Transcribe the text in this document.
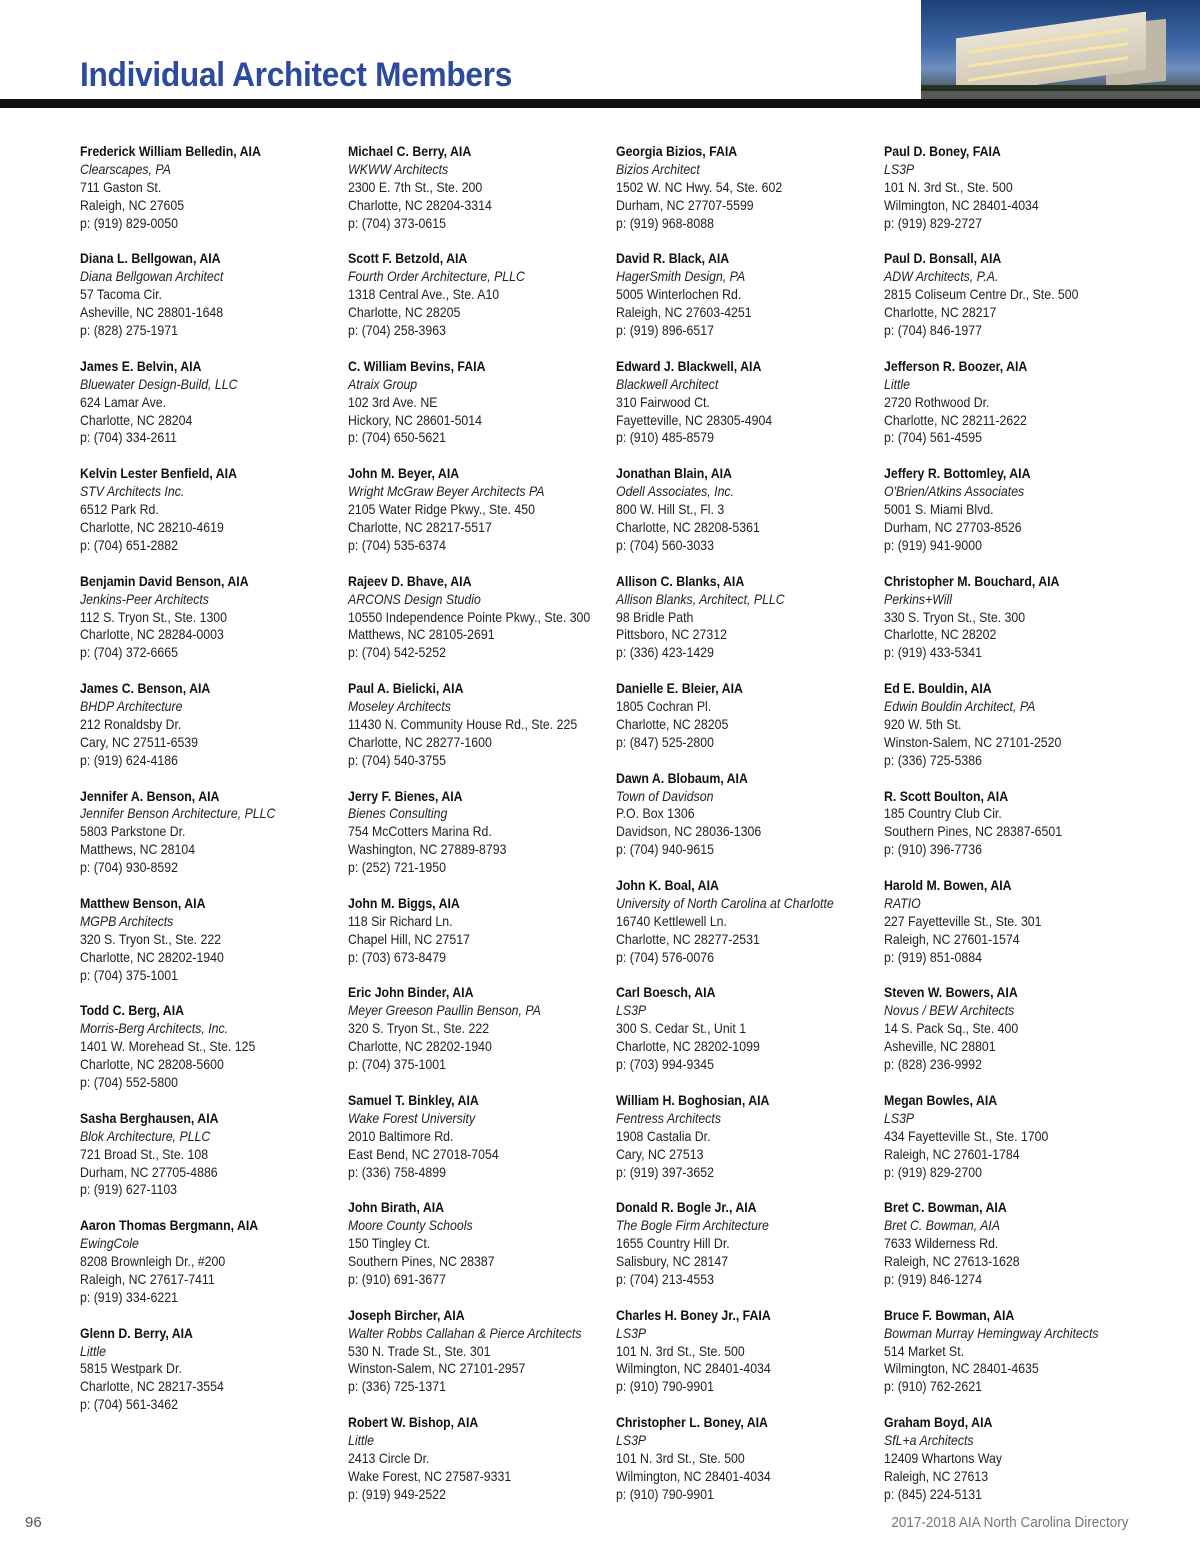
Individual Architect Members
Frederick William Belledin, AIA
Clearscapes, PA
711 Gaston St.
Raleigh, NC 27605
p: (919) 829-0050
Diana L. Bellgowan, AIA
Diana Bellgowan Architect
57 Tacoma Cir.
Asheville, NC 28801-1648
p: (828) 275-1971
James E. Belvin, AIA
Bluewater Design-Build, LLC
624 Lamar Ave.
Charlotte, NC 28204
p: (704) 334-2611
Kelvin Lester Benfield, AIA
STV Architects Inc.
6512 Park Rd.
Charlotte, NC 28210-4619
p: (704) 651-2882
Benjamin David Benson, AIA
Jenkins-Peer Architects
112 S. Tryon St., Ste. 1300
Charlotte, NC 28284-0003
p: (704) 372-6665
James C. Benson, AIA
BHDP Architecture
212 Ronaldsby Dr.
Cary, NC 27511-6539
p: (919) 624-4186
Jennifer A. Benson, AIA
Jennifer Benson Architecture, PLLC
5803 Parkstone Dr.
Matthews, NC 28104
p: (704) 930-8592
Matthew Benson, AIA
MGPB Architects
320 S. Tryon St., Ste. 222
Charlotte, NC 28202-1940
p: (704) 375-1001
Todd C. Berg, AIA
Morris-Berg Architects, Inc.
1401 W. Morehead St., Ste. 125
Charlotte, NC 28208-5600
p: (704) 552-5800
Sasha Berghausen, AIA
Blok Architecture, PLLC
721 Broad St., Ste. 108
Durham, NC 27705-4886
p: (919) 627-1103
Aaron Thomas Bergmann, AIA
EwingCole
8208 Brownleigh Dr., #200
Raleigh, NC 27617-7411
p: (919) 334-6221
Glenn D. Berry, AIA
Little
5815 Westpark Dr.
Charlotte, NC 28217-3554
p: (704) 561-3462
Michael C. Berry, AIA
WKWW Architects
2300 E. 7th St., Ste. 200
Charlotte, NC 28204-3314
p: (704) 373-0615
Scott F. Betzold, AIA
Fourth Order Architecture, PLLC
1318 Central Ave., Ste. A10
Charlotte, NC 28205
p: (704) 258-3963
C. William Bevins, FAIA
Atraix Group
102 3rd Ave. NE
Hickory, NC 28601-5014
p: (704) 650-5621
John M. Beyer, AIA
Wright McGraw Beyer Architects PA
2105 Water Ridge Pkwy., Ste. 450
Charlotte, NC 28217-5517
p: (704) 535-6374
Rajeev D. Bhave, AIA
ARCONS Design Studio
10550 Independence Pointe Pkwy., Ste. 300
Matthews, NC 28105-2691
p: (704) 542-5252
Paul A. Bielicki, AIA
Moseley Architects
11430 N. Community House Rd., Ste. 225
Charlotte, NC 28277-1600
p: (704) 540-3755
Jerry F. Bienes, AIA
Bienes Consulting
754 McCotters Marina Rd.
Washington, NC 27889-8793
p: (252) 721-1950
John M. Biggs, AIA
118 Sir Richard Ln.
Chapel Hill, NC 27517
p: (703) 673-8479
Eric John Binder, AIA
Meyer Greeson Paullin Benson, PA
320 S. Tryon St., Ste. 222
Charlotte, NC 28202-1940
p: (704) 375-1001
Samuel T. Binkley, AIA
Wake Forest University
2010 Baltimore Rd.
East Bend, NC 27018-7054
p: (336) 758-4899
John Birath, AIA
Moore County Schools
150 Tingley Ct.
Southern Pines, NC 28387
p: (910) 691-3677
Joseph Bircher, AIA
Walter Robbs Callahan & Pierce Architects
530 N. Trade St., Ste. 301
Winston-Salem, NC 27101-2957
p: (336) 725-1371
Robert W. Bishop, AIA
Little
2413 Circle Dr.
Wake Forest, NC 27587-9331
p: (919) 949-2522
Georgia Bizios, FAIA
Bizios Architect
1502 W. NC Hwy. 54, Ste. 602
Durham, NC 27707-5599
p: (919) 968-8088
David R. Black, AIA
HagerSmith Design, PA
5005 Winterlochen Rd.
Raleigh, NC 27603-4251
p: (919) 896-6517
Edward J. Blackwell, AIA
Blackwell Architect
310 Fairwood Ct.
Fayetteville, NC 28305-4904
p: (910) 485-8579
Jonathan Blain, AIA
Odell Associates, Inc.
800 W. Hill St., Fl. 3
Charlotte, NC 28208-5361
p: (704) 560-3033
Allison C. Blanks, AIA
Allison Blanks, Architect, PLLC
98 Bridle Path
Pittsboro, NC 27312
p: (336) 423-1429
Danielle E. Bleier, AIA
1805 Cochran Pl.
Charlotte, NC 28205
p: (847) 525-2800
Dawn A. Blobaum, AIA
Town of Davidson
P.O. Box 1306
Davidson, NC 28036-1306
p: (704) 940-9615
John K. Boal, AIA
University of North Carolina at Charlotte
16740 Kettlewell Ln.
Charlotte, NC 28277-2531
p: (704) 576-0076
Carl Boesch, AIA
LS3P
300 S. Cedar St., Unit 1
Charlotte, NC 28202-1099
p: (703) 994-9345
William H. Boghosian, AIA
Fentress Architects
1908 Castalia Dr.
Cary, NC 27513
p: (919) 397-3652
Donald R. Bogle Jr., AIA
The Bogle Firm Architecture
1655 Country Hill Dr.
Salisbury, NC 28147
p: (704) 213-4553
Charles H. Boney Jr., FAIA
LS3P
101 N. 3rd St., Ste. 500
Wilmington, NC 28401-4034
p: (910) 790-9901
Christopher L. Boney, AIA
LS3P
101 N. 3rd St., Ste. 500
Wilmington, NC 28401-4034
p: (910) 790-9901
Paul D. Boney, FAIA
LS3P
101 N. 3rd St., Ste. 500
Wilmington, NC 28401-4034
p: (919) 829-2727
Paul D. Bonsall, AIA
ADW Architects, P.A.
2815 Coliseum Centre Dr., Ste. 500
Charlotte, NC 28217
p: (704) 846-1977
Jefferson R. Boozer, AIA
Little
2720 Rothwood Dr.
Charlotte, NC 28211-2622
p: (704) 561-4595
Jeffery R. Bottomley, AIA
O'Brien/Atkins Associates
5001 S. Miami Blvd.
Durham, NC 27703-8526
p: (919) 941-9000
Christopher M. Bouchard, AIA
Perkins+Will
330 S. Tryon St., Ste. 300
Charlotte, NC 28202
p: (919) 433-5341
Ed E. Bouldin, AIA
Edwin Bouldin Architect, PA
920 W. 5th St.
Winston-Salem, NC 27101-2520
p: (336) 725-5386
R. Scott Boulton, AIA
185 Country Club Cir.
Southern Pines, NC 28387-6501
p: (910) 396-7736
Harold M. Bowen, AIA
RATIO
227 Fayetteville St., Ste. 301
Raleigh, NC 27601-1574
p: (919) 851-0884
Steven W. Bowers, AIA
Novus / BEW Architects
14 S. Pack Sq., Ste. 400
Asheville, NC 28801
p: (828) 236-9992
Megan Bowles, AIA
LS3P
434 Fayetteville St., Ste. 1700
Raleigh, NC 27601-1784
p: (919) 829-2700
Bret C. Bowman, AIA
Bret C. Bowman, AIA
7633 Wilderness Rd.
Raleigh, NC 27613-1628
p: (919) 846-1274
Bruce F. Bowman, AIA
Bowman Murray Hemingway Architects
514 Market St.
Wilmington, NC 28401-4635
p: (910) 762-2621
Graham Boyd, AIA
SfL+a Architects
12409 Whartons Way
Raleigh, NC 27613
p: (845) 224-5131
96	2017-2018 AIA North Carolina Directory
